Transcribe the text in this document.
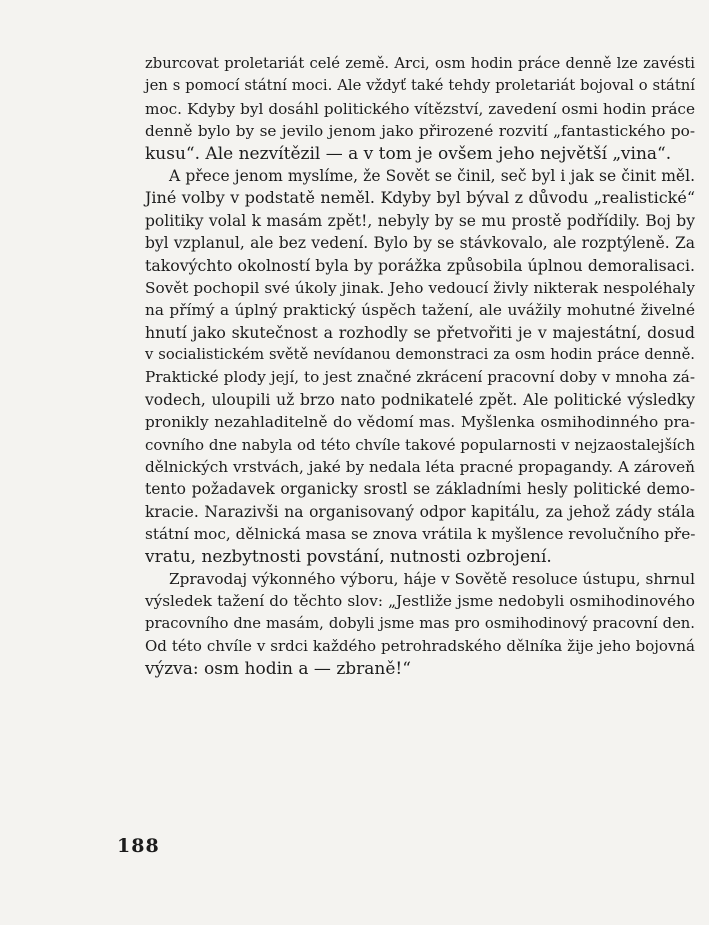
zburcovat proletariát celé země. Arci, osm hodin práce denně lze zavésti
jen s pomocí státní moci. Ale vždyť také tehdy proletariát bojoval o státní
moc. Kdyby byl dosáhl politického vítězství, zavedení osmi hodin práce
denně bylo by se jevilo jenom jako přirozené rozvití „fantastického po-
kusu“. Ale nezvítězil — a v tom je ovšem jeho největší „vina“.
A přece jenom myslíme, že Sovět se činil, seč byl i jak se činit měl.
Jiné volby v podstatě neměl. Kdyby byl býval z důvodu „realistické“
politiky volal k masám zpět!, nebyly by se mu prostě podřídily. Boj by
byl vzplanul, ale bez vedení. Bylo by se stávkovalo, ale rozptýleně. Za
takovýchto okolností byla by porážka způsobila úplnou demoralisaci.
Sovět pochopil své úkoly jinak. Jeho vedoucí živly nikterak nespoléhaly
na přímý a úplný praktický úspěch tažení, ale uvážily mohutné živelné
hnutí jako skutečnost a rozhodly se přetvořiti je v majestátní, dosud
v socialistickém světě nevídanou demonstraci za osm hodin práce denně.
Praktické plody její, to jest značné zkrácení pracovní doby v mnoha zá-
vodech, uloupili už brzo nato podnikatelé zpět. Ale politické výsledky
pronikly nezahladitelně do vědomí mas. Myšlenka osmihodinného pra-
covního dne nabyla od této chvíle takové popularnosti v nejzaostalejších
dělnických vrstvách, jaké by nedala léta pracné propagandy. A zároveň
tento požadavek organicky srostl se základními hesly politické demo-
kracie. Narazivši na organisovaný odpor kapitálu, za jehož zády stála
státní moc, dělnická masa se znova vrátila k myšlence revolučního pře-
vratu, nezbytnosti povstání, nutnosti ozbrojení.
Zpravodaj výkonného výboru, háje v Sovětě resoluce ústupu, shrnul
výsledek tažení do těchto slov: „Jestliže jsme nedobyli osmihodinového
pracovního dne masám, dobyli jsme mas pro osmihodinový pracovní den.
Od této chvíle v srdci každého petrohradského dělníka žije jeho bojovná
výzva: osm hodin a — zbraně!“
188
